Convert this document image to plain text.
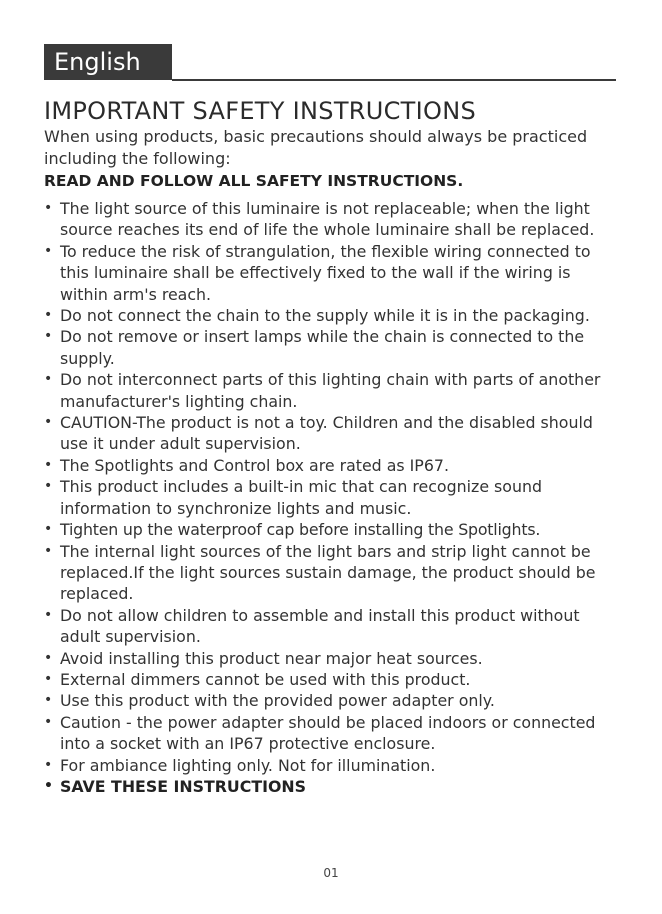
English
IMPORTANT SAFETY INSTRUCTIONS

When using products, basic precautions should always be practiced including the following:

READ AND FOLLOW ALL SAFETY INSTRUCTIONS.

• The light source of this luminaire is not replaceable; when the light source reaches its end of life the whole luminaire shall be replaced.
• To reduce the risk of strangulation, the flexible wiring connected to this luminaire shall be effectively fixed to the wall if the wiring is within arm's reach.
• Do not connect the chain to the supply while it is in the packaging.
• Do not remove or insert lamps while the chain is connected to the supply.
• Do not interconnect parts of this lighting chain with parts of another manufacturer's lighting chain.
• CAUTION-The product is not a toy. Children and the disabled should use it under adult supervision.
• The Spotlights and Control box are rated as IP67.
• This product includes a built-in mic that can recognize sound information to synchronize lights and music.
• Tighten up the waterproof cap before installing the Spotlights.
• The internal light sources of the light bars and strip light cannot be replaced.If the light sources sustain damage, the product should be replaced.
• Do not allow children to assemble and install this product without adult supervision.
• Avoid installing this product near major heat sources.
• External dimmers cannot be used with this product.
• Use this product with the provided power adapter only.
• Caution - the power adapter should be placed indoors or connected into a socket with an IP67 protective enclosure.
• For ambiance lighting only. Not for illumination.
• SAVE THESE INSTRUCTIONS
01
